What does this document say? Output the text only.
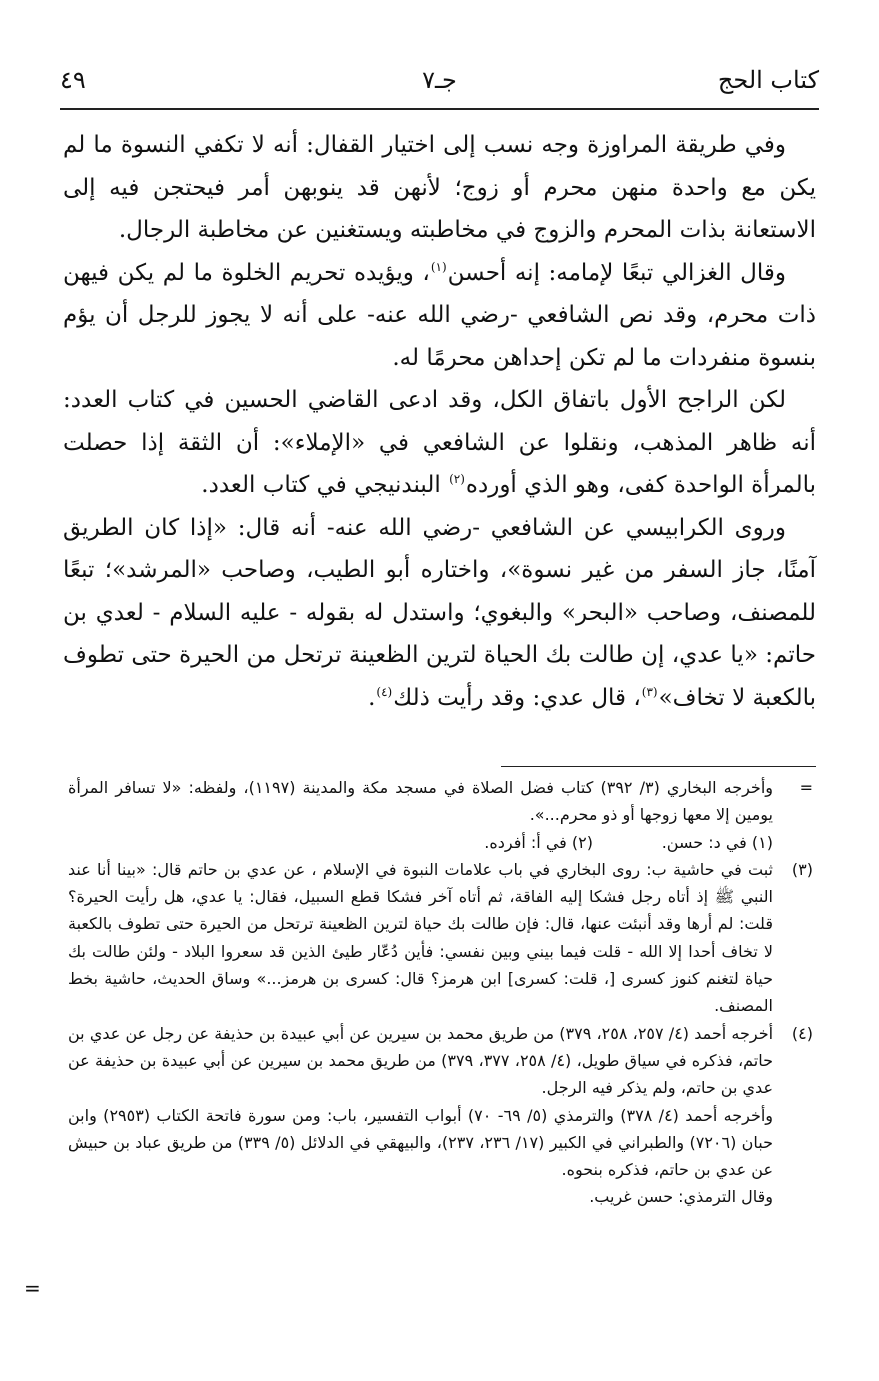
كتاب الحج
جـ٧
٤٩

وفي طريقة المراوزة وجه نسب إلى اختيار القفال: أنه لا تكفي النسوة ما لم يكن مع واحدة منهن محرم أو زوج؛ لأنهن قد ينوبهن أمر فيحتجن فيه إلى الاستعانة بذات المحرم والزوج في مخاطبته ويستغنين عن مخاطبة الرجال.

وقال الغزالي تبعًا لإمامه: إنه أحسن$^{(١)}$، ويؤيده تحريم الخلوة ما لم يكن فيهن ذات محرم، وقد نص الشافعي -رضي الله عنه- على أنه لا يجوز للرجل أن يؤم بنسوة منفردات ما لم تكن إحداهن محرمًا له.

لكن الراجح الأول باتفاق الكل، وقد ادعى القاضي الحسين في كتاب العدد: أنه ظاهر المذهب، ونقلوا عن الشافعي في «الإملاء»: أن الثقة إذا حصلت بالمرأة الواحدة كفى، وهو الذي أورده$^{(٢)}$ البندنيجي في كتاب العدد.

وروى الكرابيسي عن الشافعي -رضي الله عنه- أنه قال: «إذا كان الطريق آمنًا، جاز السفر من غير نسوة»، واختاره أبو الطيب، وصاحب «المرشد»؛ تبعًا للمصنف، وصاحب «البحر» والبغوي؛ واستدل له بقوله - عليه السلام - لعدي بن حاتم: «يا عدي، إن طالت بك الحياة لترين الظعينة ترتحل من الحيرة حتى تطوف بالكعبة لا تخاف»$^{(٣)}$، قال عدي: وقد رأيت ذلك$^{(٤)}$.

=
وأخرجه البخاري (٣/ ٣٩٢) كتاب فضل الصلاة في مسجد مكة والمدينة (١١٩٧)، ولفظه: «لا تسافر المرأة يومين إلا معها زوجها أو ذو محرم...».
(١) في د: حسن.
(٢) في أ: أفرده.
(٣)
ثبت في حاشية ب: روى البخاري في باب علامات النبوة في الإسلام ، عن عدي بن حاتم قال: «بينا أنا عند النبي ﷺ إذ أتاه رجل فشكا إليه الفاقة، ثم أتاه آخر فشكا قطع السبيل، فقال: يا عدي، هل رأيت الحيرة؟ قلت: لم أرها وقد أنبئت عنها، قال: فإن طالت بك حياة لترين الظعينة ترتحل من الحيرة حتى تطوف بالكعبة لا تخاف أحدا إلا الله - قلت فيما بيني وبين نفسي: فأين دُعّار طيئ الذين قد سعروا البلاد - ولئن طالت بك حياة لتغنم كنوز كسرى [، قلت: كسرى] ابن هرمز؟ قال: كسرى بن هرمز...» وساق الحديث، حاشية بخط المصنف.
(٤)
أخرجه أحمد (٤/ ٢٥٧، ٢٥٨، ٣٧٩) من طريق محمد بن سيرين عن أبي عبيدة بن حذيفة عن رجل عن عدي بن حاتم، فذكره في سياق طويل، (٤/ ٢٥٨، ٣٧٧، ٣٧٩) من طريق محمد بن سيرين عن أبي عبيدة بن حذيفة عن عدي بن حاتم، ولم يذكر فيه الرجل.
وأخرجه أحمد (٤/ ٣٧٨) والترمذي (٥/ ٦٩- ٧٠) أبواب التفسير، باب: ومن سورة فاتحة الكتاب (٢٩٥٣) وابن حبان (٧٢٠٦) والطبراني في الكبير (١٧/ ٢٣٦، ٢٣٧)، والبيهقي في الدلائل (٥/ ٣٣٩) من طريق عباد بن حبيش عن عدي بن حاتم، فذكره بنحوه.
وقال الترمذي: حسن غريب.
=
